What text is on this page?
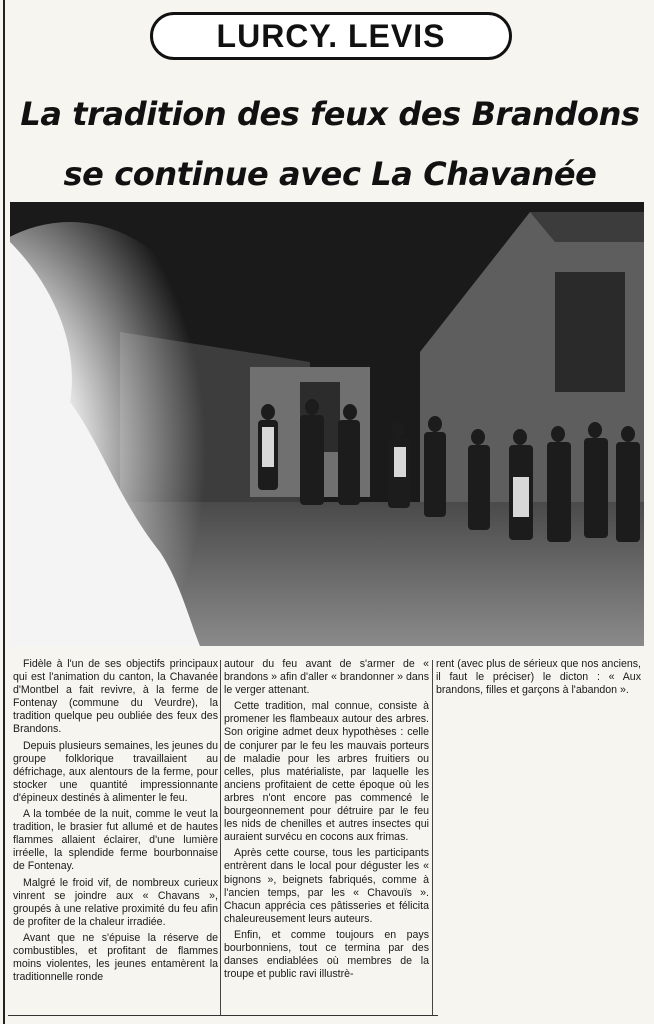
LURCY. LEVIS
La tradition des feux des Brandons
se continue avec La Chavanée

Fidèle à l'un de ses objectifs principaux qui est l'animation du canton, la Chavanée d'Montbel a fait revivre, à la ferme de Fontenay (commune du Veurdre), la tradition quelque peu oubliée des feux des Brandons.

Depuis plusieurs semaines, les jeunes du groupe folklorique travaillaient au défrichage, aux alentours de la ferme, pour stocker une quantité impressionnante d'épineux destinés à alimenter le feu.

A la tombée de la nuit, comme le veut la tradition, le brasier fut allumé et de hautes flammes allaient éclairer, d'une lumière irréelle, la splendide ferme bourbonnaise de Fontenay.

Malgré le froid vif, de nombreux curieux vinrent se joindre aux « Chavans », groupés à une relative proximité du feu afin de profiter de la chaleur irradiée.

Avant que ne s'épuise la réserve de combustibles, et profitant de flammes moins violentes, les jeunes entamèrent la traditionnelle ronde

autour du feu avant de s'armer de « brandons » afin d'aller « brandonner » dans le verger attenant.

Cette tradition, mal connue, consiste à promener les flambeaux autour des arbres. Son origine admet deux hypothèses : celle de conjurer par le feu les mauvais porteurs de maladie pour les arbres fruitiers ou celles, plus matérialiste, par laquelle les anciens profitaient de cette époque où les arbres n'ont encore pas commencé le bourgeonnement pour détruire par le feu les nids de chenilles et autres insectes qui auraient survécu en cocons aux frimas.

Après cette course, tous les participants entrèrent dans le local pour déguster les « bignons », beignets fabriqués, comme à l'ancien temps, par les « Chavouïs ». Chacun apprécia ces pâtisseries et félicita chaleureusement leurs auteurs.

Enfin, et comme toujours en pays bourbonniens, tout ce termina par des danses endiablées où membres de la troupe et public ravi illustrè-

rent (avec plus de sérieux que nos anciens, il faut le préciser) le dicton : « Aux brandons, filles et garçons à l'abandon ».
